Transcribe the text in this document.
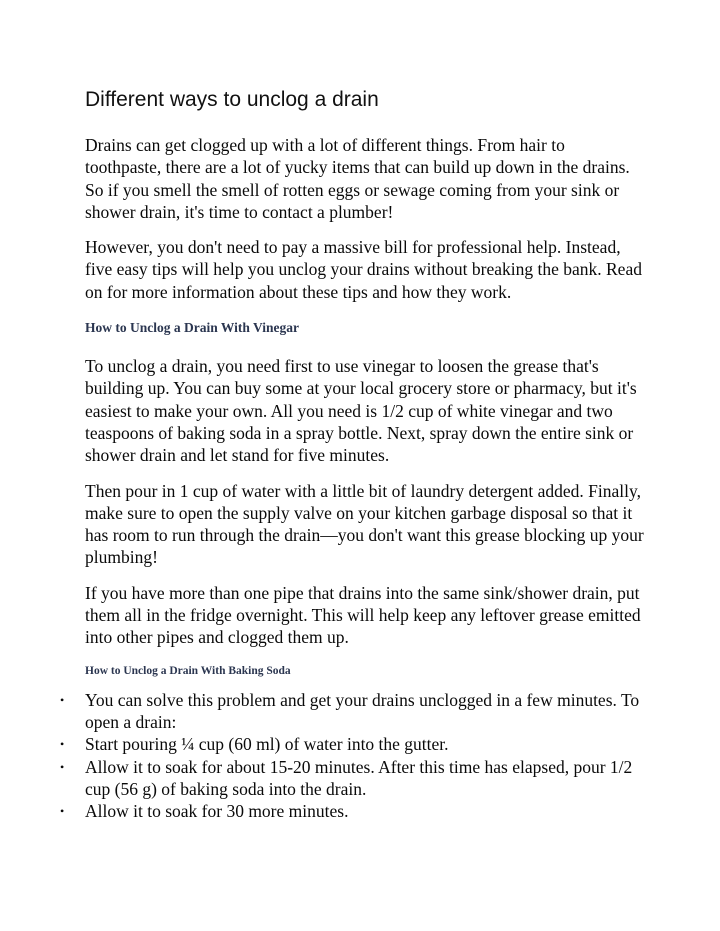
Different ways to unclog a drain

Drains can get clogged up with a lot of different things. From hair to toothpaste, there are a lot of yucky items that can build up down in the drains. So if you smell the smell of rotten eggs or sewage coming from your sink or shower drain, it's time to contact a plumber!

However, you don't need to pay a massive bill for professional help. Instead, five easy tips will help you unclog your drains without breaking the bank. Read on for more information about these tips and how they work.

How to Unclog a Drain With Vinegar

To unclog a drain, you need first to use vinegar to loosen the grease that's building up. You can buy some at your local grocery store or pharmacy, but it's easiest to make your own. All you need is 1/2 cup of white vinegar and two teaspoons of baking soda in a spray bottle. Next, spray down the entire sink or shower drain and let stand for five minutes.

Then pour in 1 cup of water with a little bit of laundry detergent added. Finally, make sure to open the supply valve on your kitchen garbage disposal so that it has room to run through the drain—you don't want this grease blocking up your plumbing!

If you have more than one pipe that drains into the same sink/shower drain, put them all in the fridge overnight. This will help keep any leftover grease emitted into other pipes and clogged them up.

How to Unclog a Drain With Baking Soda
• You can solve this problem and get your drains unclogged in a few minutes. To open a drain:
• Start pouring ¼ cup (60 ml) of water into the gutter.
• Allow it to soak for about 15-20 minutes. After this time has elapsed, pour 1/2 cup (56 g) of baking soda into the drain.
• Allow it to soak for 30 more minutes.
